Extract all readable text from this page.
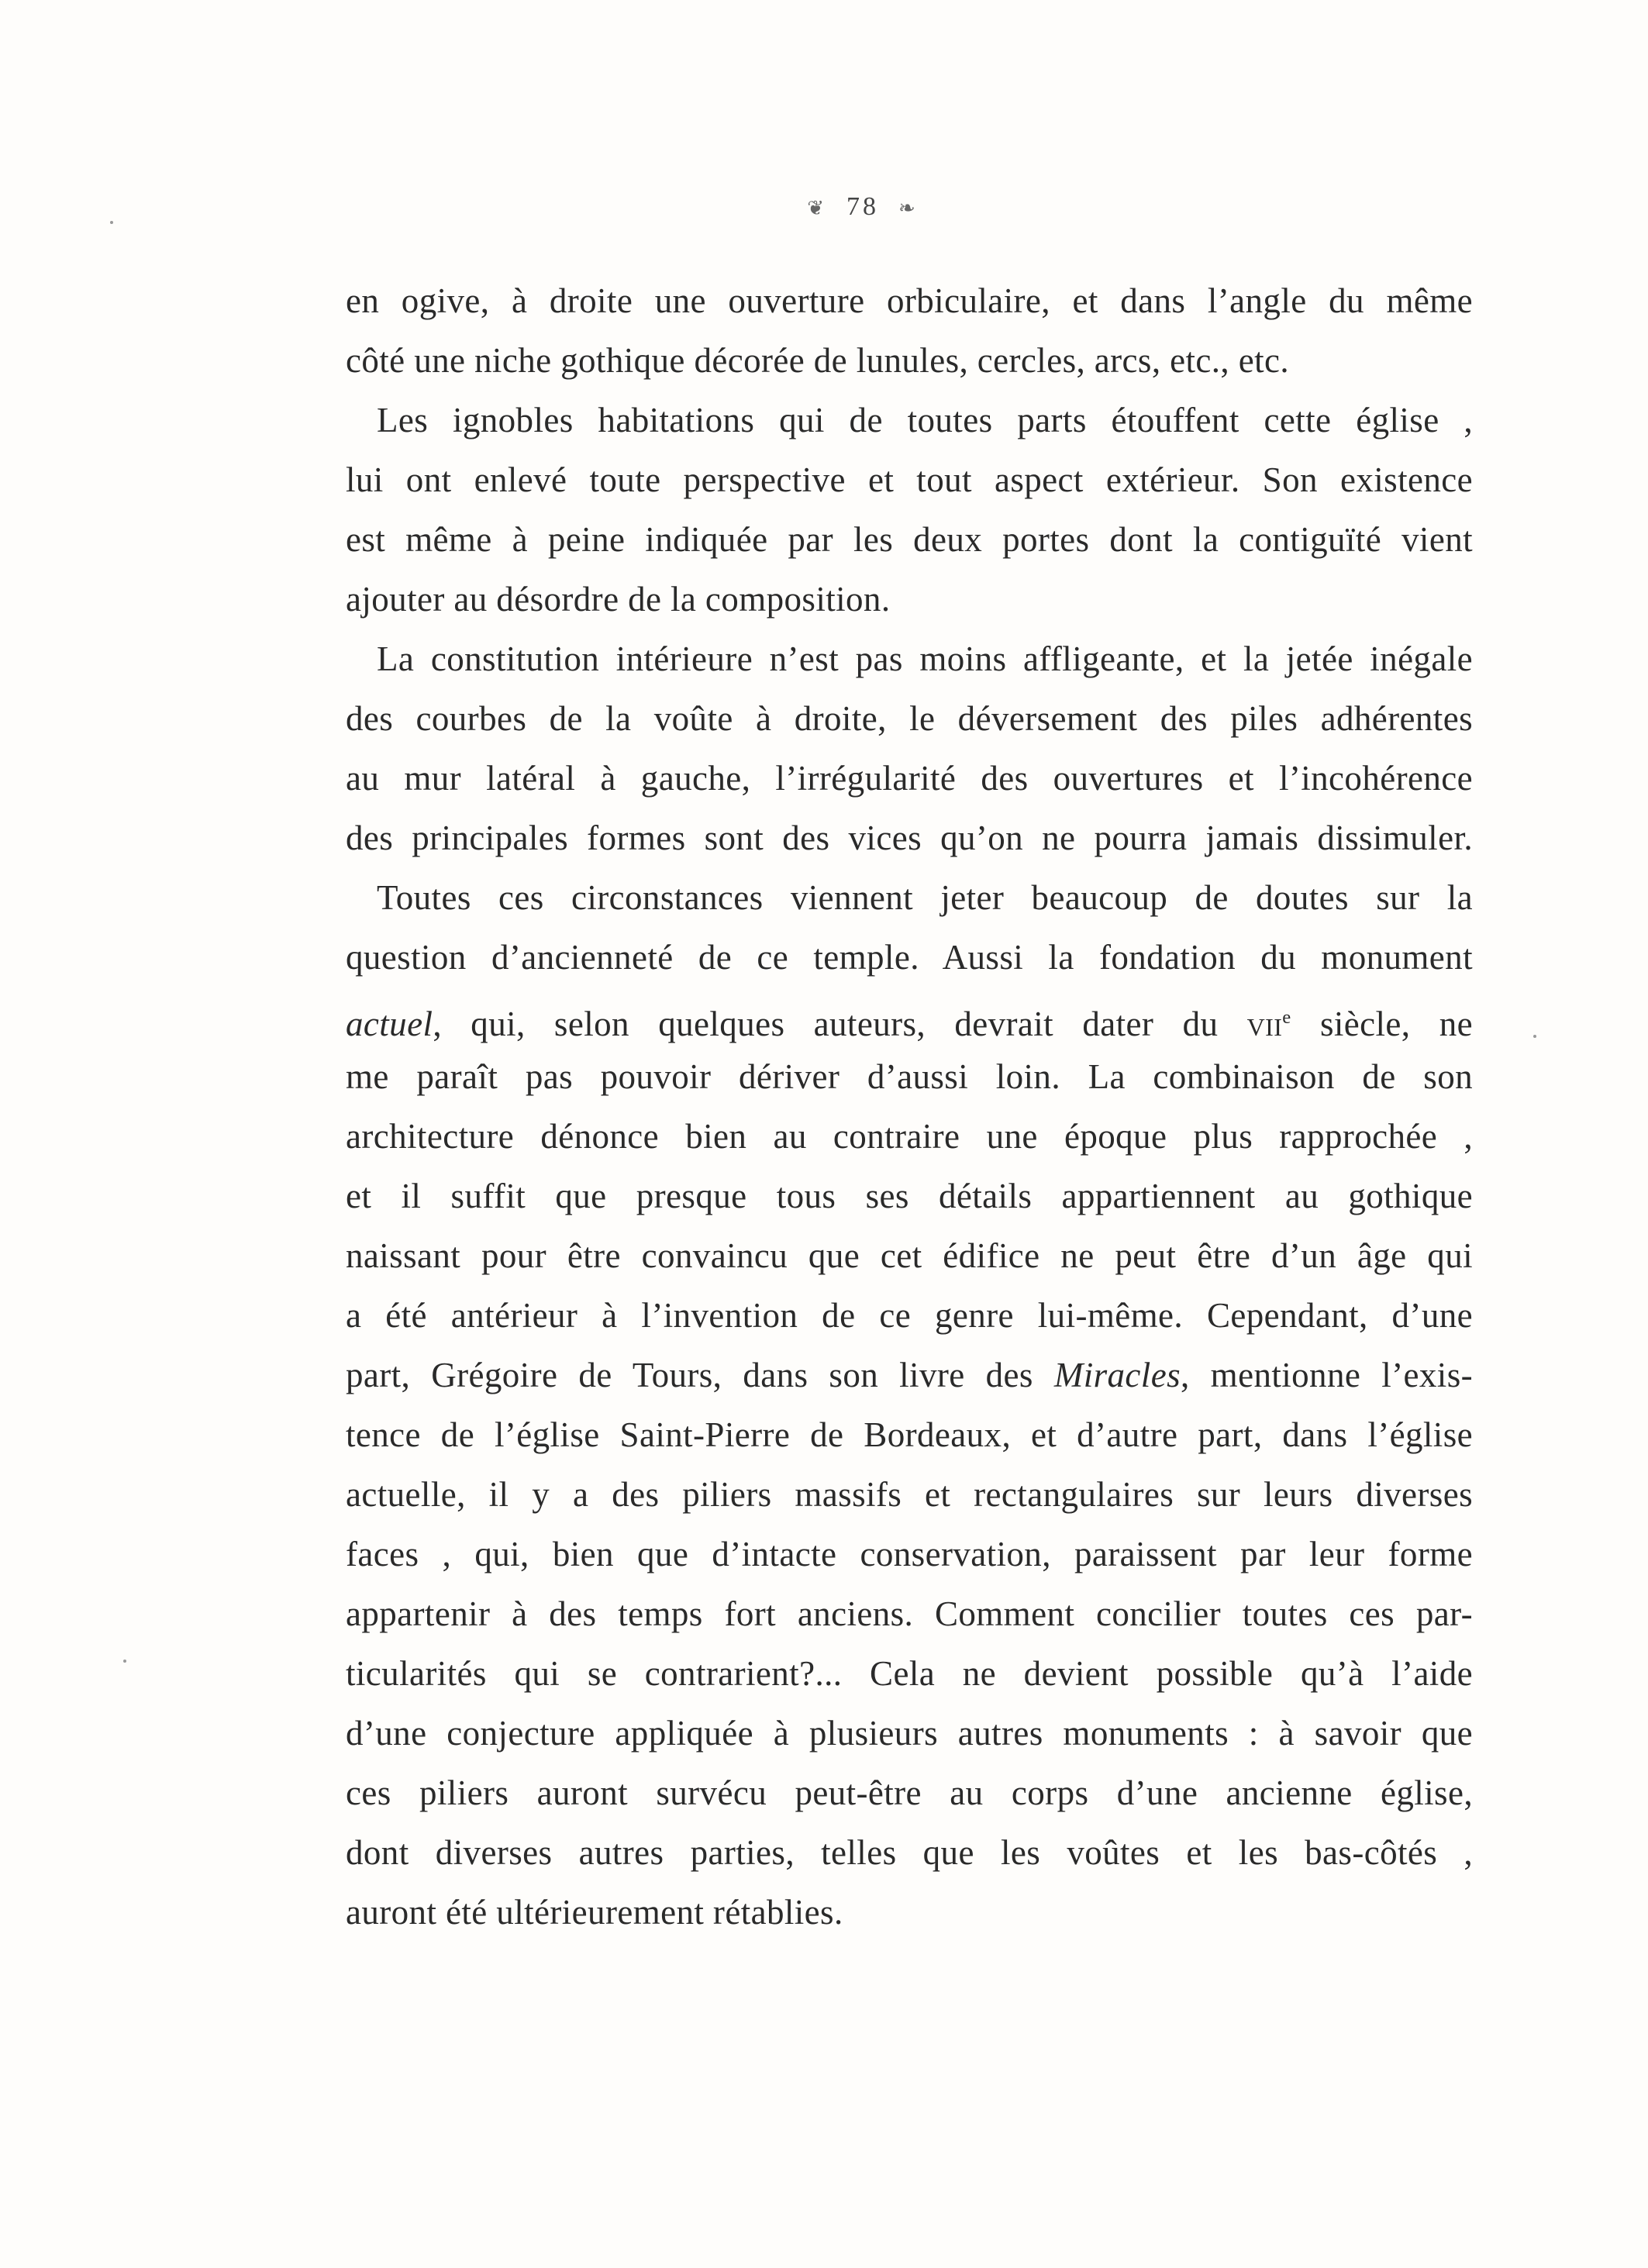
❦ 78 ❧
en ogive, à droite une ouverture orbiculaire, et dans l’angle du même
côté une niche gothique décorée de lunules, cercles, arcs, etc., etc.
Les ignobles habitations qui de toutes parts étouffent cette église ,
lui ont enlevé toute perspective et tout aspect extérieur. Son existence
est même à peine indiquée par les deux portes dont la contiguïté vient
ajouter au désordre de la composition.
La constitution intérieure n’est pas moins affligeante, et la jetée inégale
des courbes de la voûte à droite, le déversement des piles adhérentes
au mur latéral à gauche, l’irrégularité des ouvertures et l’incohérence
des principales formes sont des vices qu’on ne pourra jamais dissimuler.
Toutes ces circonstances viennent jeter beaucoup de doutes sur la
question d’ancienneté de ce temple. Aussi la fondation du monument
actuel, qui, selon quelques auteurs, devrait dater du vii$^e$ siècle, ne
me paraît pas pouvoir dériver d’aussi loin. La combinaison de son
architecture dénonce bien au contraire une époque plus rapprochée ,
et il suffit que presque tous ses détails appartiennent au gothique
naissant pour être convaincu que cet édifice ne peut être d’un âge qui
a été antérieur à l’invention de ce genre lui-même. Cependant, d’une
part, Grégoire de Tours, dans son livre des Miracles, mentionne l’exis-
tence de l’église Saint-Pierre de Bordeaux, et d’autre part, dans l’église
actuelle, il y a des piliers massifs et rectangulaires sur leurs diverses
faces , qui, bien que d’intacte conservation, paraissent par leur forme
appartenir à des temps fort anciens. Comment concilier toutes ces par-
ticularités qui se contrarient?... Cela ne devient possible qu’à l’aide
d’une conjecture appliquée à plusieurs autres monuments : à savoir que
ces piliers auront survécu peut-être au corps d’une ancienne église,
dont diverses autres parties, telles que les voûtes et les bas-côtés ,
auront été ultérieurement rétablies.
